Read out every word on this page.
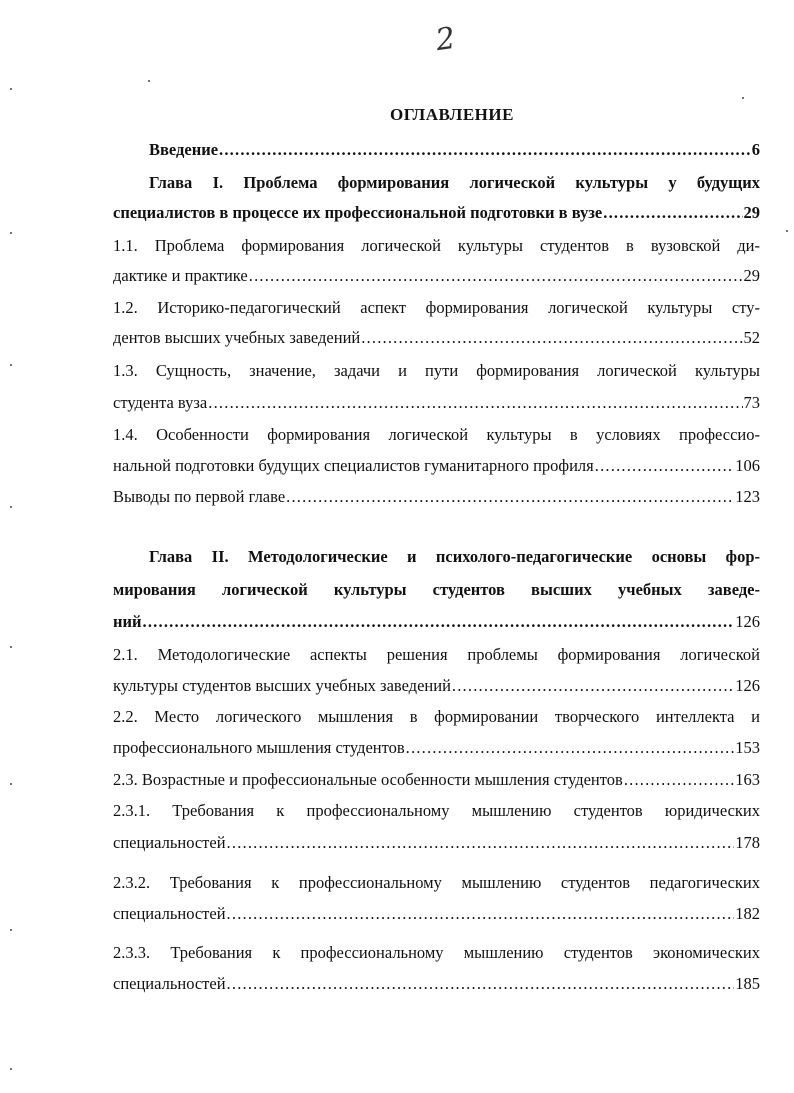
2
ОГЛАВЛЕНИЕ
Введение .....	6
Глава I. Проблема формирования логической культуры у будущих
специалистов в процессе их профессиональной подготовки в вузе .....	29
1.1. Проблема формирования логической культуры студентов в вузовской ди-
дактике и практике .....	29
1.2. Историко-педагогический аспект формирования логической культуры сту-
дентов высших учебных заведений .....	52
1.3. Сущность, значение, задачи и пути формирования логической культуры
студента вуза .....	73
1.4. Особенности формирования логической культуры в условиях профессио-
нальной подготовки будущих специалистов гуманитарного профиля .....	106
Выводы по первой главе .....	123
Глава II. Методологические и психолого-педагогические основы фор-
мирования логической культуры студентов высших учебных заведе-
ний .....	126
2.1. Методологические аспекты решения проблемы формирования логической
культуры студентов высших учебных заведений .....	126
2.2. Место логического мышления в формировании творческого интеллекта и
профессионального мышления студентов .....	153
2.3. Возрастные и профессиональные особенности мышления студентов .....	163
2.3.1. Требования к профессиональному мышлению студентов юридических
специальностей .....	178
2.3.2. Требования к профессиональному мышлению студентов педагогических
специальностей .....	182
2.3.3. Требования к профессиональному мышлению студентов экономических
специальностей .....	185
